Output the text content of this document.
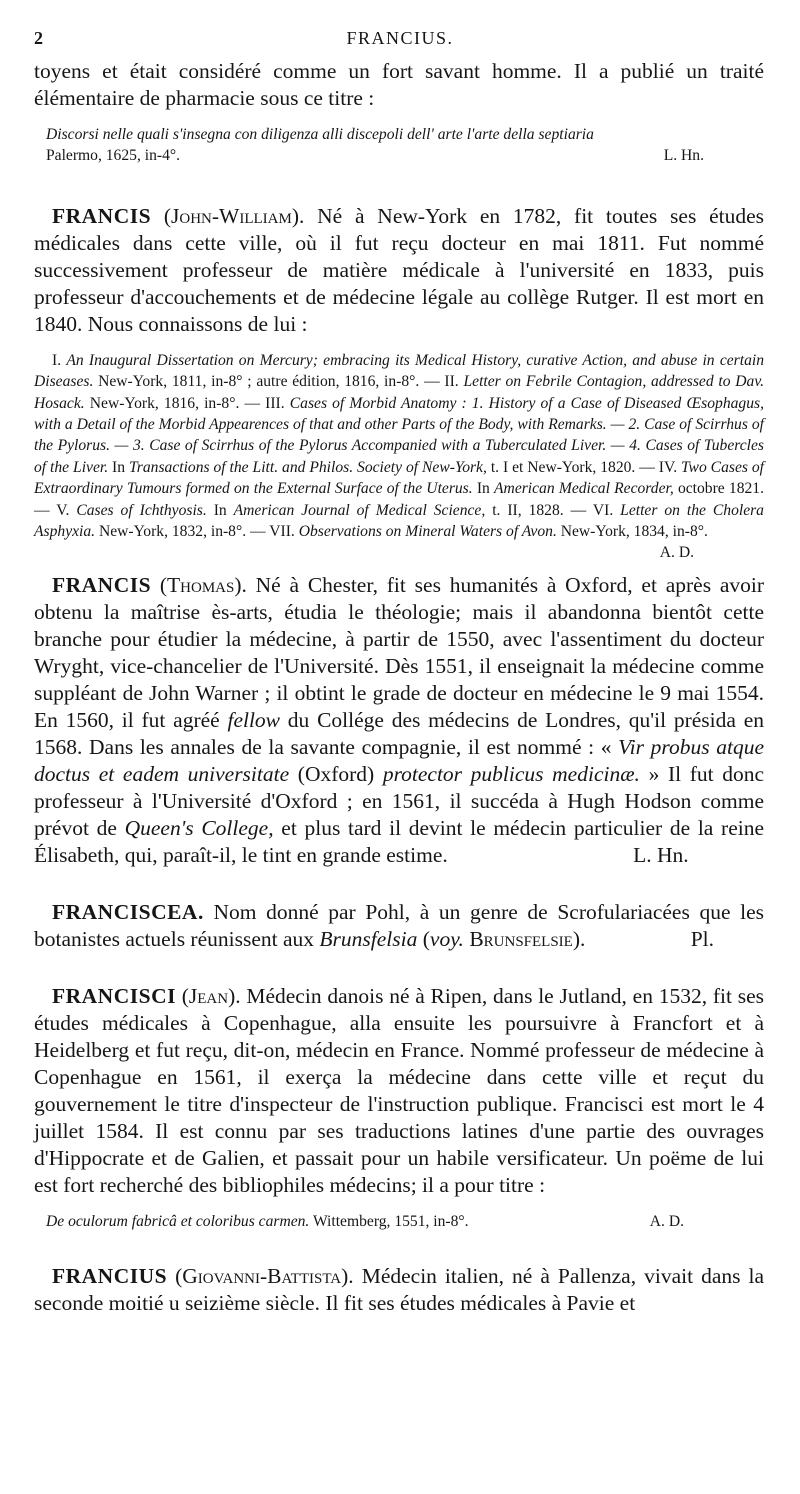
2	FRANCIUS.

toyens et était considéré comme un fort savant homme. Il a publié un traité élémentaire de pharmacie sous ce titre :

Discorsi nelle quali s'insegna con diligenza alli discepoli dell' arte l'arte della septiaria
Palermo, 1625, in-4°.	L. Hn.

FRANCIS (John-William). Né à New-York en 1782, fit toutes ses études médicales dans cette ville, où il fut reçu docteur en mai 1811. Fut nommé successivement professeur de matière médicale à l'université en 1833, puis professeur d'accouchements et de médecine légale au collège Rutger. Il est mort en 1840. Nous connaissons de lui :

I. An Inaugural Dissertation on Mercury; embracing its Medical History, curative Action, and abuse in certain Diseases. New-York, 1811, in-8° ; autre édition, 1816, in-8°. — II. Letter on Febrile Contagion, addressed to Dav. Hosack. New-York, 1816, in-8°. — III. Cases of Morbid Anatomy : 1. History of a Case of Diseased Œsophagus, with a Detail of the Morbid Appearences of that and other Parts of the Body, with Remarks. — 2. Case of Scirrhus of the Pylorus. — 3. Case of Scirrhus of the Pylorus Accompanied with a Tuberculated Liver. — 4. Cases of Tubercles of the Liver. In Transactions of the Litt. and Philos. Society of New-York, t. I et New-York, 1820. — IV. Two Cases of Extraordinary Tumours formed on the External Surface of the Uterus. In American Medical Recorder, octobre 1821. — V. Cases of Ichthyosis. In American Journal of Medical Science, t. II, 1828. — VI. Letter on the Cholera Asphyxia. New-York, 1832, in-8°. — VII. Observations on Mineral Waters of Avon. New-York, 1834, in-8°.
A. D.

FRANCIS (Thomas). Né à Chester, fit ses humanités à Oxford, et après avoir obtenu la maîtrise ès-arts, étudia le théologie; mais il abandonna bientôt cette branche pour étudier la médecine, à partir de 1550, avec l'assentiment du docteur Wryght, vice-chancelier de l'Université. Dès 1551, il enseignait la médecine comme suppléant de John Warner ; il obtint le grade de docteur en médecine le 9 mai 1554. En 1560, il fut agréé fellow du Collége des médecins de Londres, qu'il présida en 1568. Dans les annales de la savante compagnie, il est nommé : « Vir probus atque doctus et eadem universitate (Oxford) protector publicus medicinæ. » Il fut donc professeur à l'Université d'Oxford ; en 1561, il succéda à Hugh Hodson comme prévot de Queen's College, et plus tard il devint le médecin particulier de la reine Élisabeth, qui, paraît-il, le tint en grande estime.	L. Hn.

FRANCISCEA. Nom donné par Pohl, à un genre de Scrofulariacées que les botanistes actuels réunissent aux Brunsfelsia (voy. Brunsfelsie).	Pl.

FRANCISCI (Jean). Médecin danois né à Ripen, dans le Jutland, en 1532, fit ses études médicales à Copenhague, alla ensuite les poursuivre à Francfort et à Heidelberg et fut reçu, dit-on, médecin en France. Nommé professeur de médecine à Copenhague en 1561, il exerça la médecine dans cette ville et reçut du gouvernement le titre d'inspecteur de l'instruction publique. Francisci est mort le 4 juillet 1584. Il est connu par ses traductions latines d'une partie des ouvrages d'Hippocrate et de Galien, et passait pour un habile versificateur. Un poëme de lui est fort recherché des bibliophiles médecins; il a pour titre :

De oculorum fabricâ et coloribus carmen. Wittemberg, 1551, in-8°.	A. D.

FRANCIUS (Giovanni-Battista). Médecin italien, né à Pallenza, vivait dans la seconde moitié u seizième siècle. Il fit ses études médicales à Pavie et
